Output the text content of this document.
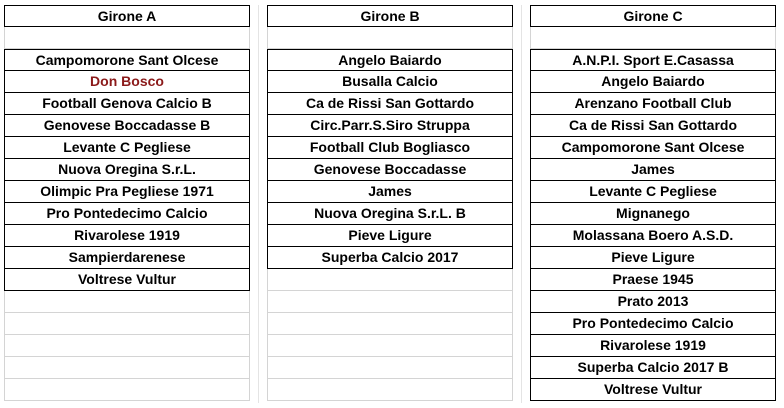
Girone A
Campomorone Sant Olcese
Don Bosco
Football Genova Calcio B
Genovese Boccadasse B
Levante C Pegliese
Nuova Oregina S.r.L.
Olimpic Pra Pegliese 1971
Pro Pontedecimo Calcio
Rivarolese 1919
Sampierdarenese
Voltrese Vultur
Girone B
Angelo Baiardo
Busalla Calcio
Ca de Rissi San Gottardo
Circ.Parr.S.Siro Struppa
Football Club Bogliasco
Genovese Boccadasse
James
Nuova Oregina S.r.L. B
Pieve Ligure
Superba Calcio 2017
Girone C
A.N.P.I. Sport E.Casassa
Angelo Baiardo
Arenzano Football Club
Ca de Rissi San Gottardo
Campomorone Sant Olcese
James
Levante C Pegliese
Mignanego
Molassana Boero A.S.D.
Pieve Ligure
Praese 1945
Prato 2013
Pro Pontedecimo Calcio
Rivarolese 1919
Superba Calcio 2017 B
Voltrese Vultur
